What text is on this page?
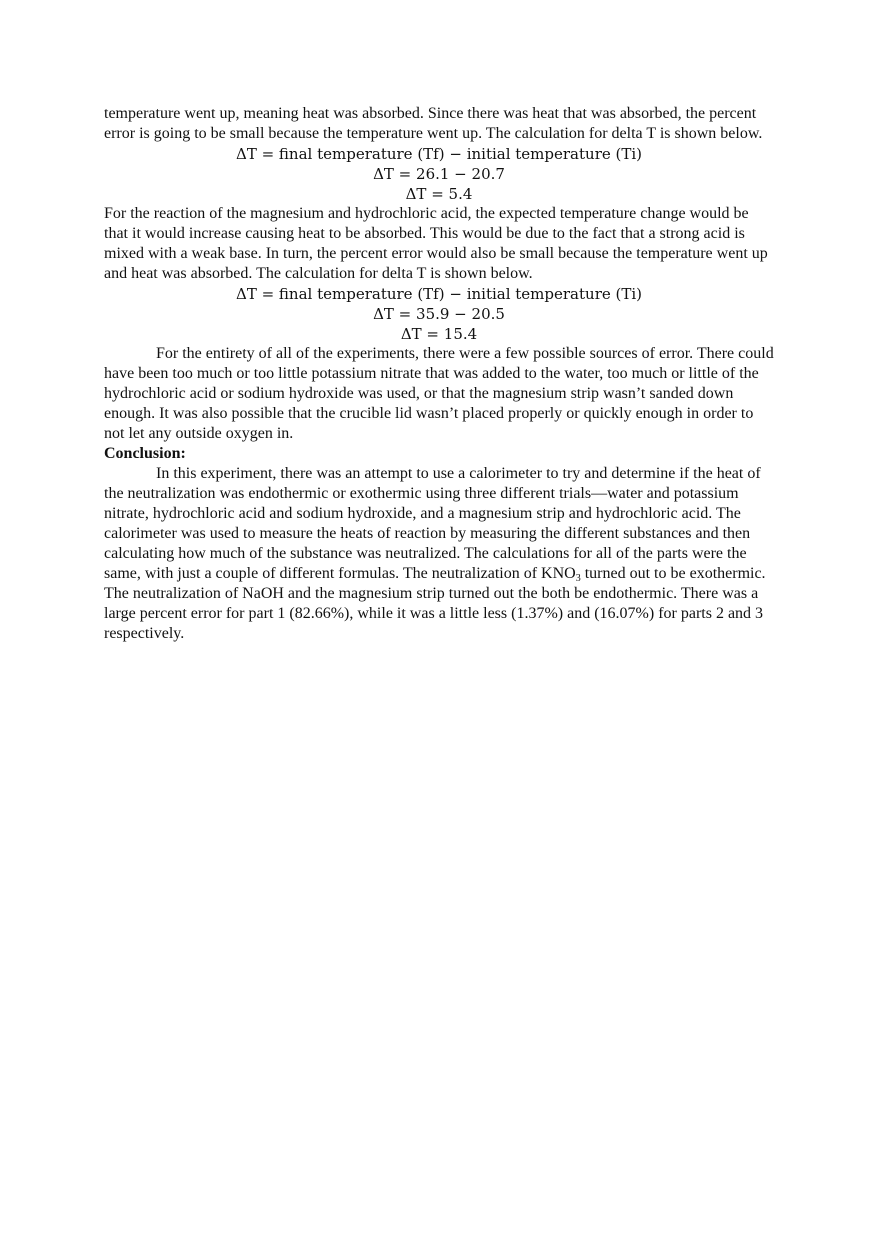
temperature went up, meaning heat was absorbed. Since there was heat that was absorbed, the percent error is going to be small because the temperature went up. The calculation for delta T is shown below.

ΔT = final temperature (Tf) − initial temperature (Ti)

ΔT = 26.1 − 20.7

ΔT = 5.4

For the reaction of the magnesium and hydrochloric acid, the expected temperature change would be that it would increase causing heat to be absorbed. This would be due to the fact that a strong acid is mixed with a weak base. In turn, the percent error would also be small because the temperature went up and heat was absorbed. The calculation for delta T is shown below.

ΔT = final temperature (Tf) − initial temperature (Ti)

ΔT = 35.9 − 20.5

ΔT = 15.4

For the entirety of all of the experiments, there were a few possible sources of error. There could have been too much or too little potassium nitrate that was added to the water, too much or little of the hydrochloric acid or sodium hydroxide was used, or that the magnesium strip wasn’t sanded down enough. It was also possible that the crucible lid wasn’t placed properly or quickly enough in order to not let any outside oxygen in.

Conclusion:

In this experiment, there was an attempt to use a calorimeter to try and determine if the heat of the neutralization was endothermic or exothermic using three different trials—water and potassium nitrate, hydrochloric acid and sodium hydroxide, and a magnesium strip and hydrochloric acid. The calorimeter was used to measure the heats of reaction by measuring the different substances and then calculating how much of the substance was neutralized. The calculations for all of the parts were the same, with just a couple of different formulas. The neutralization of $KNO_3$ turned out to be exothermic. The neutralization of NaOH and the magnesium strip turned out the both be endothermic. There was a large percent error for part 1 (82.66%), while it was a little less (1.37%) and (16.07%) for parts 2 and 3 respectively.
